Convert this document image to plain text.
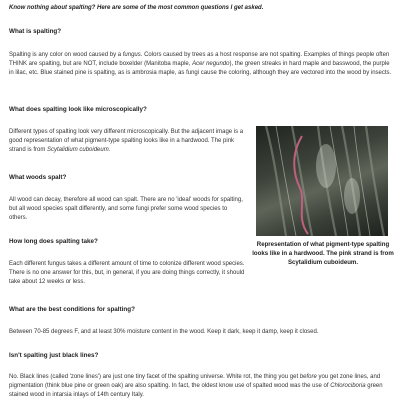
Know nothing about spalting? Here are some of the most common questions I get asked.

What is spalting?

Spalting is any color on wood caused by a fungus. Colors caused by trees as a host response are not spalting. Examples of things people often THINK are spalting, but are NOT, include boxelder (Manitoba maple, Acer negundo), the green streaks in hard maple and basswood, the purple in lilac, etc. Blue stained pine is spalting, as is ambrosia maple, as fungi cause the coloring, although they are vectored into the wood by insects.

What does spalting look like microscopically?

Different types of spalting look very different microscopically. But the adjacent image is a good representation of what pigment-type spalting looks like in a hardwood. The pink strand is from Scytalidium cuboideum.

Representation of what pigment-type spalting looks like in a hardwood. The pink strand is from Scytalidium cuboideum.

What woods spalt?

All wood can decay, therefore all wood can spalt. There are no 'ideal' woods for spalting, but all wood species spalt differently, and some fungi prefer some wood species to others.

How long does spalting take?

Each different fungus takes a different amount of time to colonize different wood species. There is no one answer for this, but, in general, if you are doing things correctly, it should take about 12 weeks or less.

What are the best conditions for spalting?

Between 70-85 degrees F, and at least 30% moisture content in the wood. Keep it dark, keep it damp, keep it closed.

Isn't spalting just black lines?

No. Black lines (called 'zone lines') are just one tiny facet of the spalting universe. White rot, the thing you get before you get zone lines, and pigmentation (think blue pine or green oak) are also spalting. In fact, the oldest know use of spalted wood was the use of Chlorociboria green stained wood in intarsia inlays of 14th century Italy.
